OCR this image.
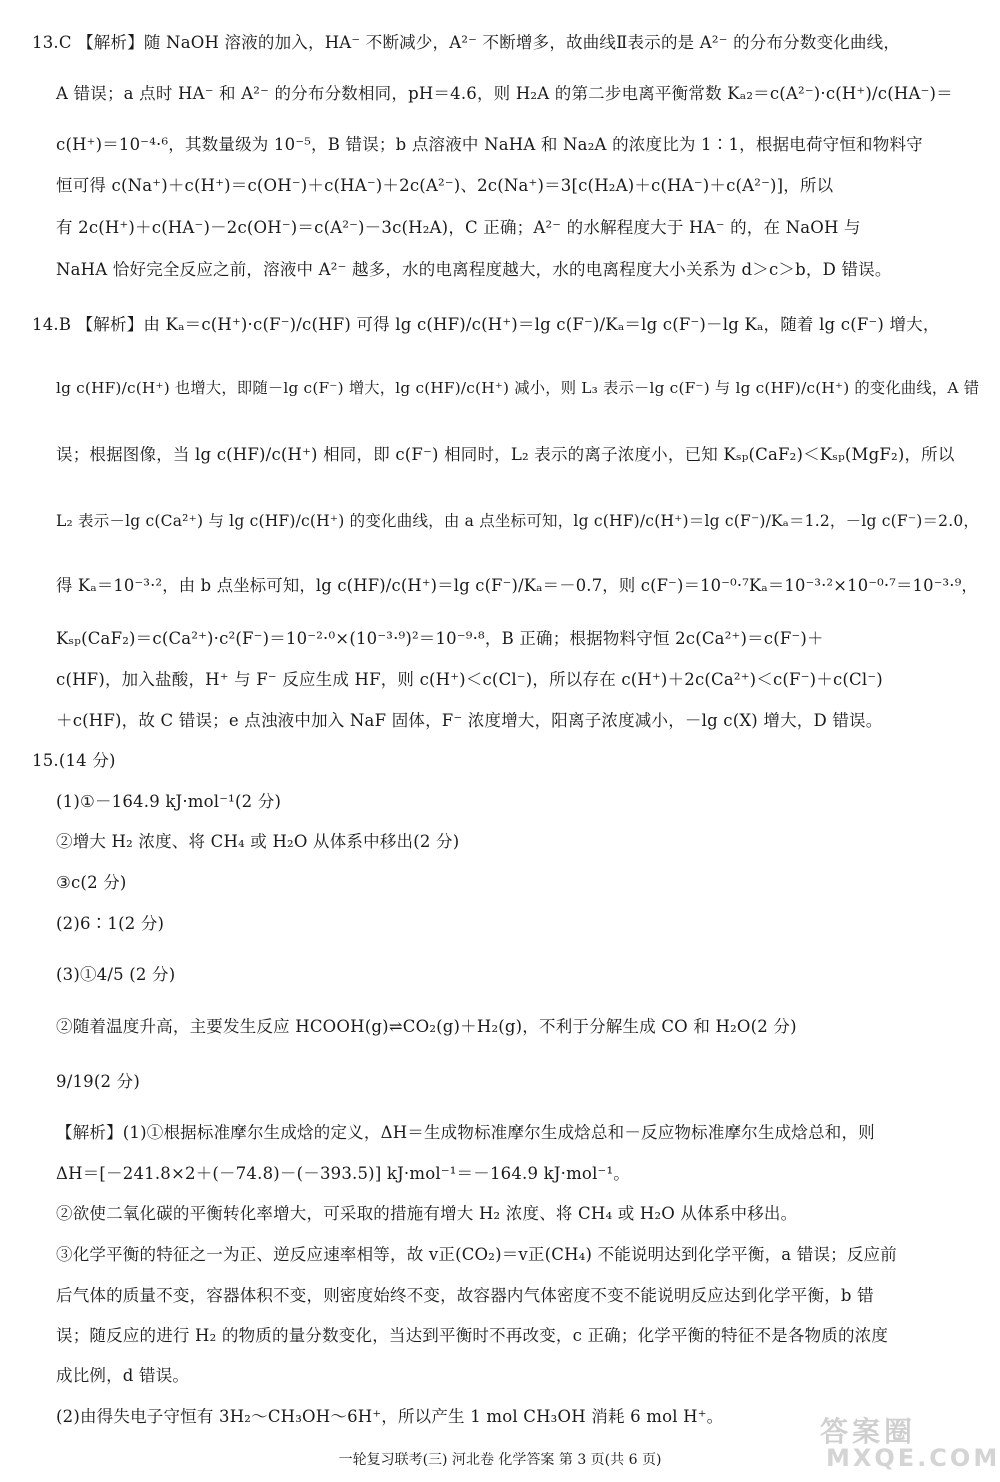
13.C 【解析】随 NaOH 溶液的加入，HA⁻ 不断减少，A²⁻ 不断增多，故曲线Ⅱ表示的是 A²⁻ 的分布分数变化曲线，
A 错误；a 点时 HA⁻ 和 A²⁻ 的分布分数相同，pH＝4.6，则 H₂A 的第二步电离平衡常数 Kₐ₂＝c(A²⁻)·c(H⁺)/c(HA⁻)＝
c(H⁺)＝10⁻⁴·⁶，其数量级为 10⁻⁵，B 错误；b 点溶液中 NaHA 和 Na₂A 的浓度比为 1∶1，根据电荷守恒和物料守
恒可得 c(Na⁺)＋c(H⁺)＝c(OH⁻)＋c(HA⁻)＋2c(A²⁻)、2c(Na⁺)＝3[c(H₂A)＋c(HA⁻)＋c(A²⁻)]，所以
有 2c(H⁺)＋c(HA⁻)－2c(OH⁻)＝c(A²⁻)－3c(H₂A)，C 正确；A²⁻ 的水解程度大于 HA⁻ 的，在 NaOH 与
NaHA 恰好完全反应之前，溶液中 A²⁻ 越多，水的电离程度越大，水的电离程度大小关系为 d＞c＞b，D 错误。
14.B 【解析】由 Kₐ＝c(H⁺)·c(F⁻)/c(HF) 可得 lg c(HF)/c(H⁺)＝lg c(F⁻)/Kₐ＝lg c(F⁻)－lg Kₐ，随着 lg c(F⁻) 增大，
lg c(HF)/c(H⁺) 也增大，即随－lg c(F⁻) 增大，lg c(HF)/c(H⁺) 减小，则 L₃ 表示－lg c(F⁻) 与 lg c(HF)/c(H⁺) 的变化曲线，A 错
误；根据图像，当 lg c(HF)/c(H⁺) 相同，即 c(F⁻) 相同时，L₂ 表示的离子浓度小，已知 Kₛₚ(CaF₂)＜Kₛₚ(MgF₂)，所以
L₂ 表示－lg c(Ca²⁺) 与 lg c(HF)/c(H⁺) 的变化曲线，由 a 点坐标可知，lg c(HF)/c(H⁺)＝lg c(F⁻)/Kₐ＝1.2，－lg c(F⁻)＝2.0，
得 Kₐ＝10⁻³·²，由 b 点坐标可知，lg c(HF)/c(H⁺)＝lg c(F⁻)/Kₐ＝－0.7，则 c(F⁻)＝10⁻⁰·⁷Kₐ＝10⁻³·²×10⁻⁰·⁷＝10⁻³·⁹，
Kₛₚ(CaF₂)＝c(Ca²⁺)·c²(F⁻)＝10⁻²·⁰×(10⁻³·⁹)²＝10⁻⁹·⁸，B 正确；根据物料守恒 2c(Ca²⁺)＝c(F⁻)＋
c(HF)，加入盐酸，H⁺ 与 F⁻ 反应生成 HF，则 c(H⁺)＜c(Cl⁻)，所以存在 c(H⁺)＋2c(Ca²⁺)＜c(F⁻)＋c(Cl⁻)
＋c(HF)，故 C 错误；e 点浊液中加入 NaF 固体，F⁻ 浓度增大，阳离子浓度减小，－lg c(X) 增大，D 错误。
15.(14 分)
(1)①－164.9 kJ·mol⁻¹(2 分)
②增大 H₂ 浓度、将 CH₄ 或 H₂O 从体系中移出(2 分)
③c(2 分)
(2)6∶1(2 分)
(3)①4/5 (2 分)
②随着温度升高，主要发生反应 HCOOH(g)⇌CO₂(g)＋H₂(g)，不利于分解生成 CO 和 H₂O(2 分)
9/19(2 分)
【解析】(1)①根据标准摩尔生成焓的定义，ΔH＝生成物标准摩尔生成焓总和－反应物标准摩尔生成焓总和，则
ΔH＝[－241.8×2＋(－74.8)－(－393.5)] kJ·mol⁻¹＝－164.9 kJ·mol⁻¹。
②欲使二氧化碳的平衡转化率增大，可采取的措施有增大 H₂ 浓度、将 CH₄ 或 H₂O 从体系中移出。
③化学平衡的特征之一为正、逆反应速率相等，故 v正(CO₂)＝v正(CH₄) 不能说明达到化学平衡，a 错误；反应前
后气体的质量不变，容器体积不变，则密度始终不变，故容器内气体密度不变不能说明反应达到化学平衡，b 错
误；随反应的进行 H₂ 的物质的量分数变化，当达到平衡时不再改变，c 正确；化学平衡的特征不是各物质的浓度
成比例，d 错误。
(2)由得失电子守恒有 3H₂～CH₃OH～6H⁺，所以产生 1 mol CH₃OH 消耗 6 mol H⁺。
一轮复习联考(三) 河北卷 化学答案 第 3 页(共 6 页)
答案圈
MXQE.COM
